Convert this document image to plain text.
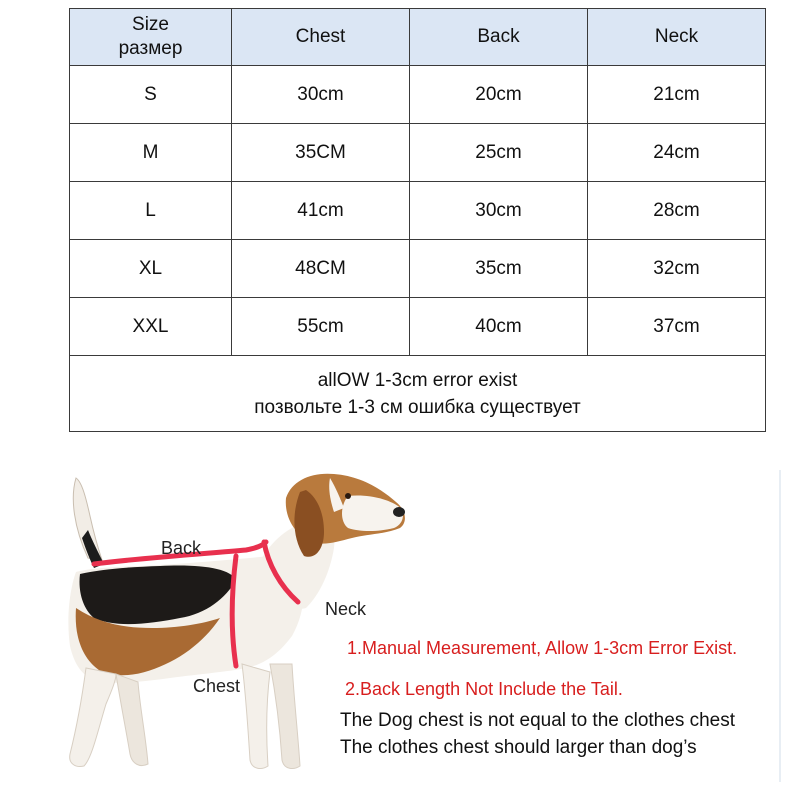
Size
размер	Chest	Back	Neck
S	30cm	20cm	21cm
M	35CM	25cm	24cm
L	41cm	30cm	28cm
XL	48CM	35cm	32cm
XXL	55cm	40cm	37cm

allOW 1-3cm error exist
позвольте 1-3 см ошибка существует			
Back
Neck
Chest
1.Manual Measurement, Allow 1-3cm Error Exist.
2.Back Length Not Include the Tail.
The Dog chest is not equal to the clothes chest
The clothes chest should larger than dog’s
